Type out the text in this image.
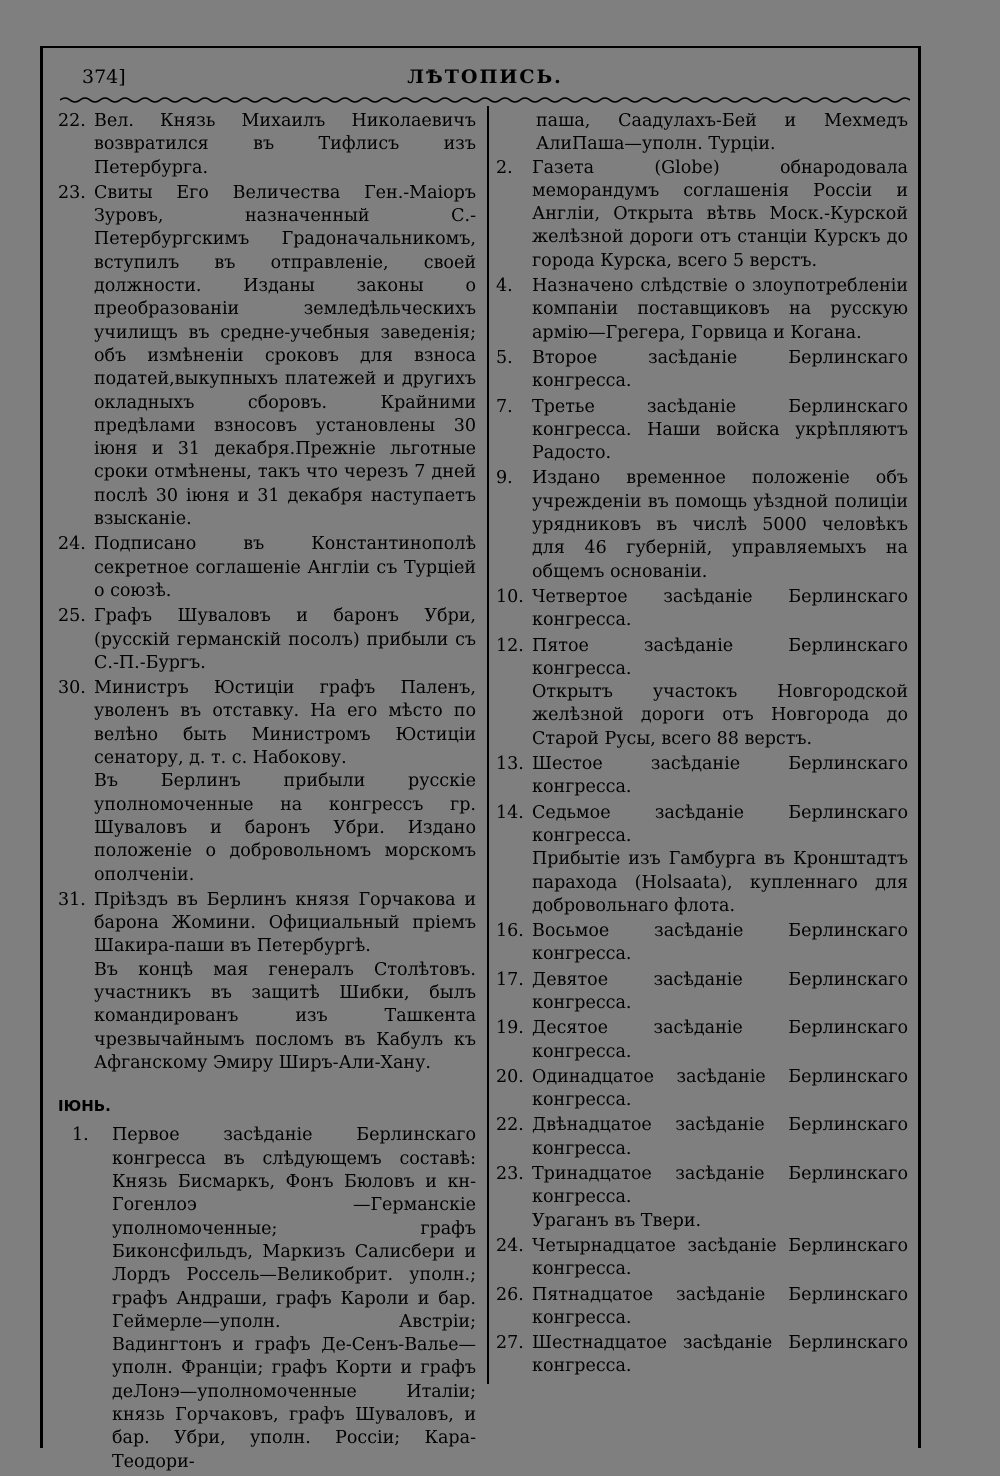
374]	ЛѢТОПИСЬ.
22. Вел. Князь Михаилъ Николаевичъ возвратился въ Тифлисъ изъ Петербурга.
23. Свиты Его Величества Ген.-Маіоръ Зуровъ, назначенный С.-Петербургскимъ Градоначальникомъ, вступилъ въ отправленіе, своей должности. Изданы законы о преобразованіи земледѣльческихъ училищъ въ средне-учебныя заведенія; объ измѣненіи сроковъ для взноса податей,выкупныхъ платежей и другихъ окладныхъ сборовъ. Крайними предѣлами взносовъ установлены 30 іюня и 31 декабря.Прежніе льготные сроки отмѣнены, такъ что черезъ 7 дней послѣ 30 іюня и 31 декабря наступаетъ взысканіе.
24. Подписано въ Константинополѣ секретное соглашеніе Англіи съ Турціей о союзѣ.
25. Графъ Шуваловъ и баронъ Убри, (русскій германскій посолъ) прибыли съ С.-П.-Бургъ.
30. Министръ Юстиціи графъ Паленъ, уволенъ въ отставку. На его мѣсто по велѣно быть Министромъ Юстиціи сенатору, д. т. с. Набокову.
Въ Берлинъ прибыли русскіе уполномоченные на конгрессъ гр. Шуваловъ и баронъ Убри. Издано положеніе о добровольномъ морскомъ ополченіи.
31. Пріѣздъ въ Берлинъ князя Горчакова и барона Жомини. Официальный пріемъ Шакира-паши въ Петербургѣ.
Въ концѣ мая генералъ Столѣтовъ. участникъ въ защитѣ Шибки, былъ командированъ изъ Ташкента чрезвычайнымъ посломъ въ Кабулъ къ Афганскому Эмиру Ширъ-Али-Хану.
ІЮНЬ.
1.	Первое засѣданіе Берлинскаго конгресса въ слѣдующемъ составѣ: Князь Бисмаркъ, Фонъ Бюловъ и кн-Гогенлоэ —Германскіе уполномоченные; графъ Биконсфильдъ, Маркизъ Салисбери и Лордъ Россель—Великобрит. уполн.; графъ Андраши, графъ Кароли и бар. Геймерле—уполн. Австріи; Вадингтонъ и графъ Де-Сенъ-Валье—уполн. Франціи; графъ Корти и графъ деЛонэ—уполномоченные Италіи; князь Горчаковъ, графъ Шуваловъ, и бар. Убри, уполн. Россіи; Кара-Теодори-
паша, Саадулахъ-Бей и Мехмедъ АлиПаша—уполн. Турціи.
2.	Газета (Globe) обнародовала меморандумъ соглашенія Россіи и Англіи, Открыта вѣтвь Моск.-Курской желѣзной дороги отъ станціи Курскъ до города Курска, всего 5 верстъ.
4.	Назначено слѣдствіе о злоупотребленіи компаніи поставщиковъ на русскую армію—Грегера, Горвица и Когана.
5.	Второе засѣданіе Берлинскаго конгресса.
7.	Третье засѣданіе Берлинскаго конгресса. Наши войска укрѣпляютъ Радосто.
9.	Издано временное положеніе объ учрежденіи въ помощь уѣздной полиціи урядниковъ въ числѣ 5000 человѣкъ для 46 губерній, управляемыхъ на общемъ основаніи.
10. Четвертое засѣданіе Берлинскаго конгресса.
12. Пятое засѣданіе Берлинскаго конгресса.
Открытъ участокъ Новгородской желѣзной дороги отъ Новгорода до Старой Русы, всего 88 верстъ.
13. Шестое засѣданіе Берлинскаго конгресса.
14. Седьмое засѣданіе Берлинскаго конгресса.
Прибытіе изъ Гамбурга въ Кронштадтъ парахода (Holsaata), купленнаго для добровольнаго флота.
16. Восьмое засѣданіе Берлинскаго конгресса.
17. Девятое засѣданіе Берлинскаго конгресса.
19. Десятое засѣданіе Берлинскаго конгресса.
20. Одинадцатое засѣданіе Берлинскаго конгресса.
22. Двѣнадцатое засѣданіе Берлинскаго конгресса.
23. Тринадцатое засѣданіе Берлинскаго конгресса.
Ураганъ въ Твери.
24. Четырнадцатое засѣданіе Берлинскаго конгресса.
26. Пятнадцатое засѣданіе Берлинскаго конгресса.
27. Шестнадцатое засѣданіе Берлинскаго конгресса.
